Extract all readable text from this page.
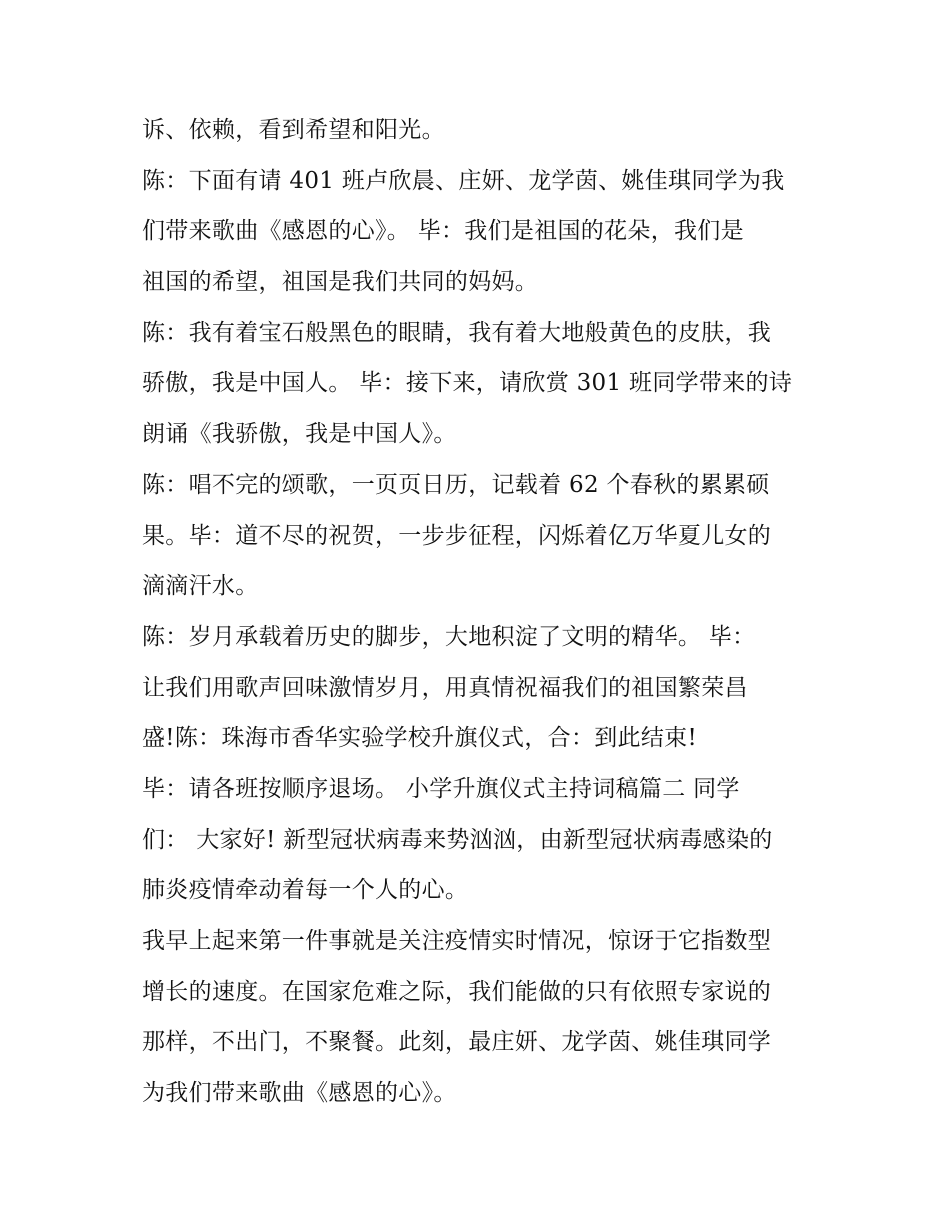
诉、依赖，看到希望和阳光。
陈：下面有请 401 班卢欣晨、庄妍、龙学茵、姚佳琪同学为我
们带来歌曲《感恩的心》。 毕：我们是祖国的花朵，我们是
祖国的希望，祖国是我们共同的妈妈。
陈：我有着宝石般黑色的眼睛，我有着大地般黄色的皮肤，我
骄傲，我是中国人。 毕：接下来，请欣赏 301 班同学带来的诗
朗诵《我骄傲，我是中国人》。
陈：唱不完的颂歌，一页页日历，记载着 62 个春秋的累累硕
果。毕：道不尽的祝贺，一步步征程，闪烁着亿万华夏儿女的
滴滴汗水。
陈：岁月承载着历史的脚步，大地积淀了文明的精华。 毕：
让我们用歌声回味激情岁月，用真情祝福我们的祖国繁荣昌
盛!陈：珠海市香华实验学校升旗仪式，合：到此结束!
毕：请各班按顺序退场。 小学升旗仪式主持词稿篇二 同学
们： 大家好! 新型冠状病毒来势汹汹，由新型冠状病毒感染的
肺炎疫情牵动着每一个人的心。
我早上起来第一件事就是关注疫情实时情况，惊讶于它指数型
增长的速度。在国家危难之际，我们能做的只有依照专家说的
那样，不出门，不聚餐。此刻，最庄妍、龙学茵、姚佳琪同学
为我们带来歌曲《感恩的心》。
